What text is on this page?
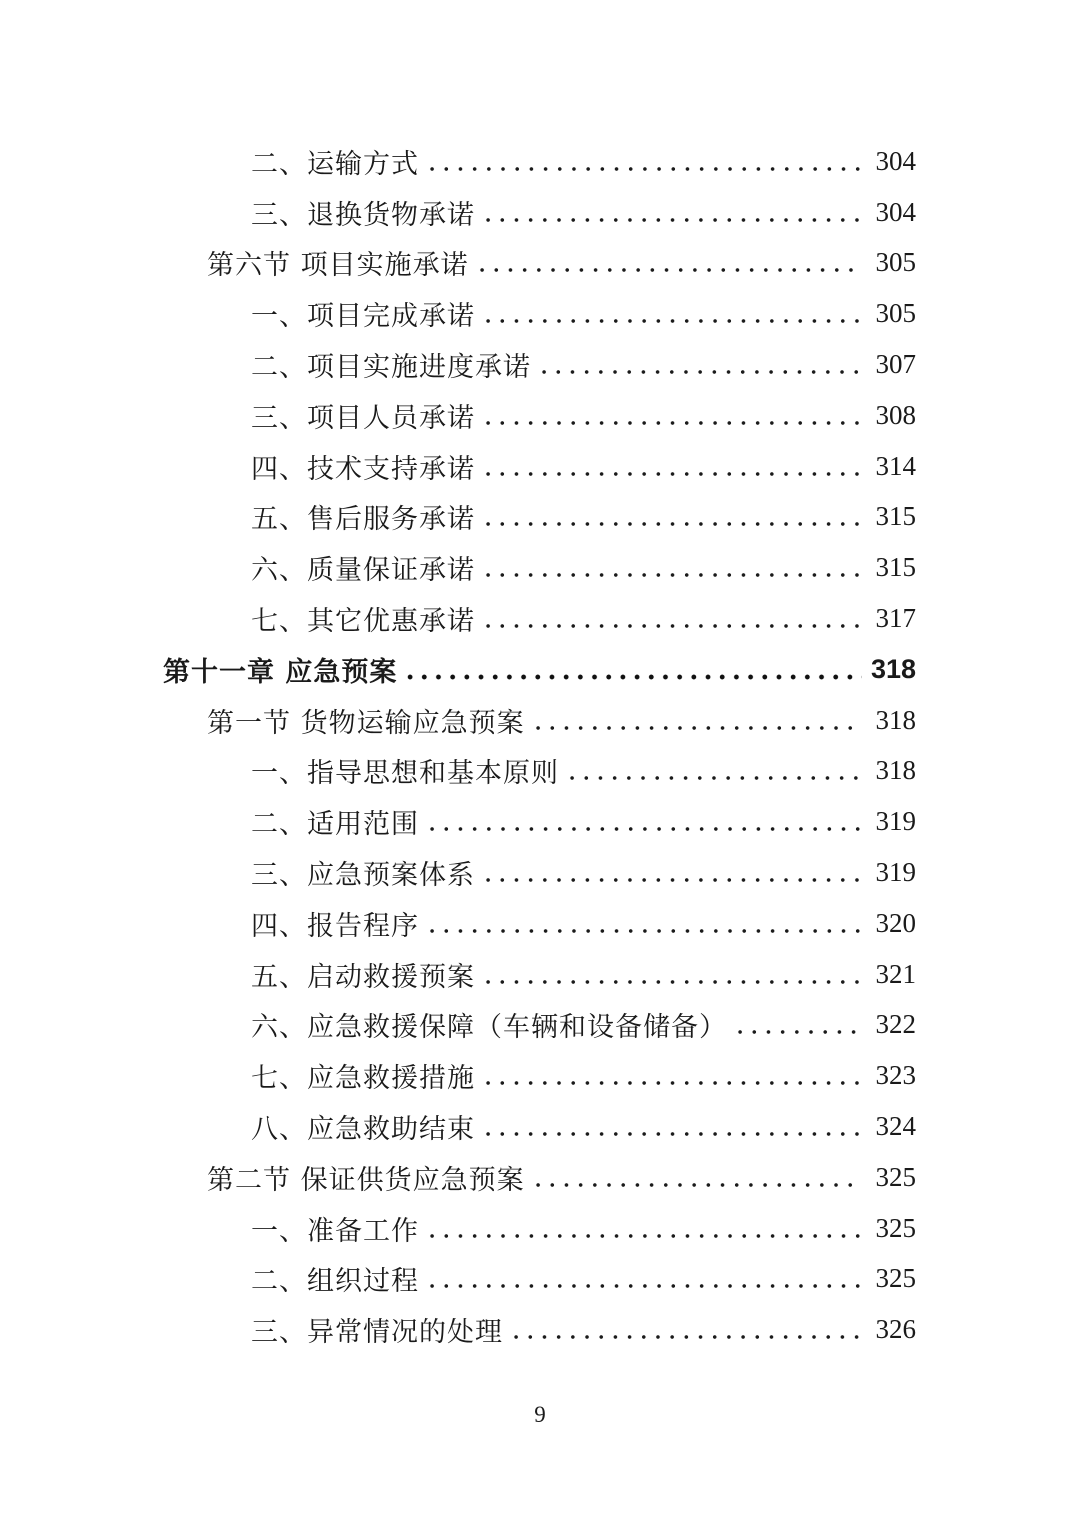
二、运输方式	304
三、退换货物承诺	304
第六节 项目实施承诺	305
一、项目完成承诺	305
二、项目实施进度承诺	307
三、项目人员承诺	308
四、技术支持承诺	314
五、售后服务承诺	315
六、质量保证承诺	315
七、其它优惠承诺	317
第十一章 应急预案	318
第一节 货物运输应急预案	318
一、指导思想和基本原则	318
二、适用范围	319
三、应急预案体系	319
四、报告程序	320
五、启动救援预案	321
六、应急救援保障（车辆和设备储备）	322
七、应急救援措施	323
八、应急救助结束	324
第二节 保证供货应急预案	325
一、准备工作	325
二、组织过程	325
三、异常情况的处理	326
9
